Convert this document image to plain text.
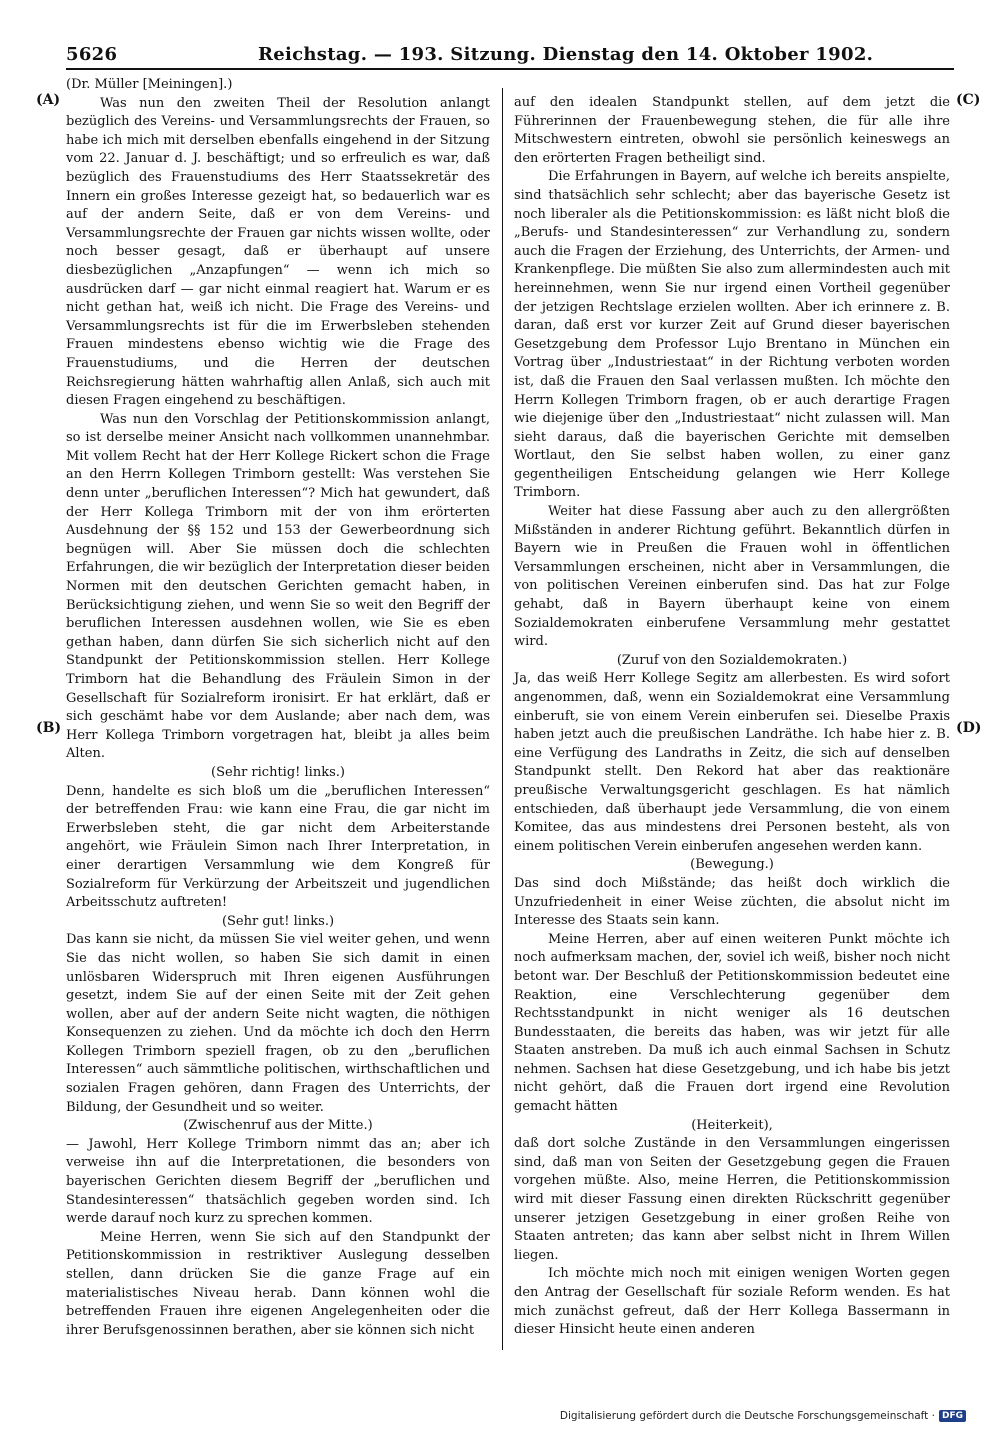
5626	Reichstag. — 193. Sitzung. Dienstag den 14. Oktober 1902.
(A)
(B)
(C)
(D)

(Dr. Müller [Meiningen].)

Was nun den zweiten Theil der Resolution anlangt bezüglich des Vereins- und Versammlungsrechts der Frauen, so habe ich mich mit derselben ebenfalls eingehend in der Sitzung vom 22. Januar d. J. beschäftigt; und so erfreulich es war, daß bezüglich des Frauenstudiums des Herr Staatssekretär des Innern ein großes Interesse gezeigt hat, so bedauerlich war es auf der andern Seite, daß er von dem Vereins- und Versammlungsrechte der Frauen gar nichts wissen wollte, oder noch besser gesagt, daß er überhaupt auf unsere diesbezüglichen „Anzapfungen“ — wenn ich mich so ausdrücken darf — gar nicht einmal reagiert hat. Warum er es nicht gethan hat, weiß ich nicht. Die Frage des Vereins- und Versammlungsrechts ist für die im Erwerbsleben stehenden Frauen mindestens ebenso wichtig wie die Frage des Frauenstudiums, und die Herren der deutschen Reichsregierung hätten wahrhaftig allen Anlaß, sich auch mit diesen Fragen eingehend zu beschäftigen.

Was nun den Vorschlag der Petitionskommission anlangt, so ist derselbe meiner Ansicht nach vollkommen unannehmbar. Mit vollem Recht hat der Herr Kollege Rickert schon die Frage an den Herrn Kollegen Trimborn gestellt: Was verstehen Sie denn unter „beruflichen Interessen“? Mich hat gewundert, daß der Herr Kollega Trimborn mit der von ihm erörterten Ausdehnung der §§ 152 und 153 der Gewerbeordnung sich begnügen will. Aber Sie müssen doch die schlechten Erfahrungen, die wir bezüglich der Interpretation dieser beiden Normen mit den deutschen Gerichten gemacht haben, in Berücksichtigung ziehen, und wenn Sie so weit den Begriff der beruflichen Interessen ausdehnen wollen, wie Sie es eben gethan haben, dann dürfen Sie sich sicherlich nicht auf den Standpunkt der Petitionskommission stellen. Herr Kollege Trimborn hat die Behandlung des Fräulein Simon in der Gesellschaft für Sozialreform ironisirt. Er hat erklärt, daß er sich geschämt habe vor dem Auslande; aber nach dem, was Herr Kollega Trimborn vorgetragen hat, bleibt ja alles beim Alten.

(Sehr richtig! links.)

Denn, handelte es sich bloß um die „beruflichen Interessen“ der betreffenden Frau: wie kann eine Frau, die gar nicht im Erwerbsleben steht, die gar nicht dem Arbeiterstande angehört, wie Fräulein Simon nach Ihrer Interpretation, in einer derartigen Versammlung wie dem Kongreß für Sozialreform für Verkürzung der Arbeitszeit und jugendlichen Arbeitsschutz auftreten!

(Sehr gut! links.)

Das kann sie nicht, da müssen Sie viel weiter gehen, und wenn Sie das nicht wollen, so haben Sie sich damit in einen unlösbaren Widerspruch mit Ihren eigenen Ausführungen gesetzt, indem Sie auf der einen Seite mit der Zeit gehen wollen, aber auf der andern Seite nicht wagten, die nöthigen Konsequenzen zu ziehen. Und da möchte ich doch den Herrn Kollegen Trimborn speziell fragen, ob zu den „beruflichen Interessen“ auch sämmtliche politischen, wirthschaftlichen und sozialen Fragen gehören, dann Fragen des Unterrichts, der Bildung, der Gesundheit und so weiter.

(Zwischenruf aus der Mitte.)

— Jawohl, Herr Kollege Trimborn nimmt das an; aber ich verweise ihn auf die Interpretationen, die besonders von bayerischen Gerichten diesem Begriff der „beruflichen und Standesinteressen“ thatsächlich gegeben worden sind. Ich werde darauf noch kurz zu sprechen kommen.

Meine Herren, wenn Sie sich auf den Standpunkt der Petitionskommission in restriktiver Auslegung desselben stellen, dann drücken Sie die ganze Frage auf ein materialistisches Niveau herab. Dann können wohl die betreffenden Frauen ihre eigenen Angelegenheiten oder die ihrer Berufsgenossinnen berathen, aber sie können sich nicht

auf den idealen Standpunkt stellen, auf dem jetzt die Führerinnen der Frauenbewegung stehen, die für alle ihre Mitschwestern eintreten, obwohl sie persönlich keineswegs an den erörterten Fragen betheiligt sind.

Die Erfahrungen in Bayern, auf welche ich bereits anspielte, sind thatsächlich sehr schlecht; aber das bayerische Gesetz ist noch liberaler als die Petitionskommission: es läßt nicht bloß die „Berufs- und Standesinteressen“ zur Verhandlung zu, sondern auch die Fragen der Erziehung, des Unterrichts, der Armen- und Krankenpflege. Die müßten Sie also zum allermindesten auch mit hereinnehmen, wenn Sie nur irgend einen Vortheil gegenüber der jetzigen Rechtslage erzielen wollten. Aber ich erinnere z. B. daran, daß erst vor kurzer Zeit auf Grund dieser bayerischen Gesetzgebung dem Professor Lujo Brentano in München ein Vortrag über „Industriestaat“ in der Richtung verboten worden ist, daß die Frauen den Saal verlassen mußten. Ich möchte den Herrn Kollegen Trimborn fragen, ob er auch derartige Fragen wie diejenige über den „Industriestaat“ nicht zulassen will. Man sieht daraus, daß die bayerischen Gerichte mit demselben Wortlaut, den Sie selbst haben wollen, zu einer ganz gegentheiligen Entscheidung gelangen wie Herr Kollege Trimborn.

Weiter hat diese Fassung aber auch zu den allergrößten Mißständen in anderer Richtung geführt. Bekanntlich dürfen in Bayern wie in Preußen die Frauen wohl in öffentlichen Versammlungen erscheinen, nicht aber in Versammlungen, die von politischen Vereinen einberufen sind. Das hat zur Folge gehabt, daß in Bayern überhaupt keine von einem Sozialdemokraten einberufene Versammlung mehr gestattet wird.

(Zuruf von den Sozialdemokraten.)

Ja, das weiß Herr Kollege Segitz am allerbesten. Es wird sofort angenommen, daß, wenn ein Sozialdemokrat eine Versammlung einberuft, sie von einem Verein einberufen sei. Dieselbe Praxis haben jetzt auch die preußischen Landräthe. Ich habe hier z. B. eine Verfügung des Landraths in Zeitz, die sich auf denselben Standpunkt stellt. Den Rekord hat aber das reaktionäre preußische Verwaltungsgericht geschlagen. Es hat nämlich entschieden, daß überhaupt jede Versammlung, die von einem Komitee, das aus mindestens drei Personen besteht, als von einem politischen Verein einberufen angesehen werden kann.

(Bewegung.)

Das sind doch Mißstände; das heißt doch wirklich die Unzufriedenheit in einer Weise züchten, die absolut nicht im Interesse des Staats sein kann.

Meine Herren, aber auf einen weiteren Punkt möchte ich noch aufmerksam machen, der, soviel ich weiß, bisher noch nicht betont war. Der Beschluß der Petitionskommission bedeutet eine Reaktion, eine Verschlechterung gegenüber dem Rechtsstandpunkt in nicht weniger als 16 deutschen Bundesstaaten, die bereits das haben, was wir jetzt für alle Staaten anstreben. Da muß ich auch einmal Sachsen in Schutz nehmen. Sachsen hat diese Gesetzgebung, und ich habe bis jetzt nicht gehört, daß die Frauen dort irgend eine Revolution gemacht hätten

(Heiterkeit),

daß dort solche Zustände in den Versammlungen eingerissen sind, daß man von Seiten der Gesetzgebung gegen die Frauen vorgehen müßte. Also, meine Herren, die Petitionskommission wird mit dieser Fassung einen direkten Rückschritt gegenüber unserer jetzigen Gesetzgebung in einer großen Reihe von Staaten antreten; das kann aber selbst nicht in Ihrem Willen liegen.

Ich möchte mich noch mit einigen wenigen Worten gegen den Antrag der Gesellschaft für soziale Reform wenden. Es hat mich zunächst gefreut, daß der Herr Kollega Bassermann in dieser Hinsicht heute einen anderen

Digitalisierung gefördert durch die Deutsche Forschungsgemeinschaft · DFG
